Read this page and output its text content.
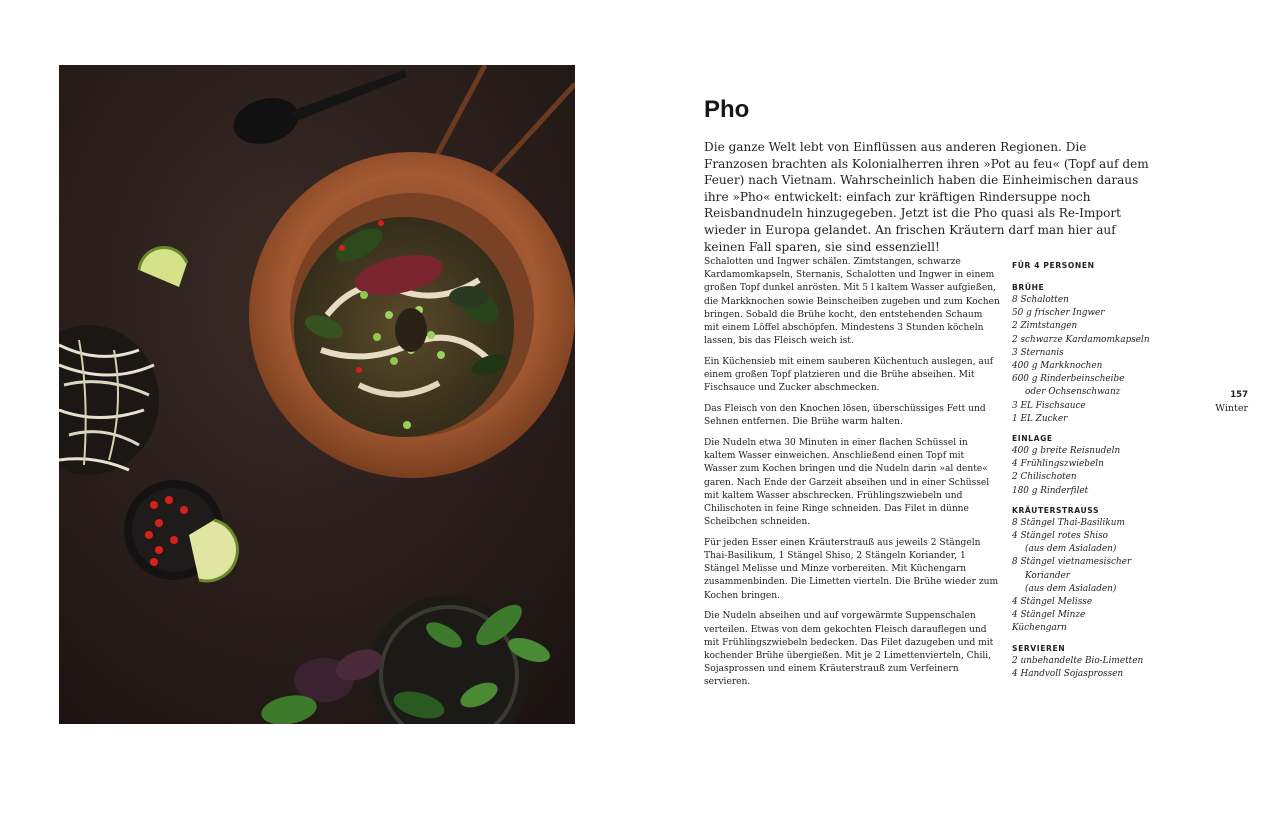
Pho

Die ganze Welt lebt von Einflüssen aus anderen Regionen. Die Franzosen brachten als Kolonialherren ihren »Pot au feu« (Topf auf dem Feuer) nach Vietnam. Wahrscheinlich haben die Einheimischen daraus ihre »Pho« entwickelt: einfach zur kräftigen Rindersuppe noch Reisbandnudeln hinzugegeben. Jetzt ist die Pho quasi als Re-Import wieder in Europa gelandet. An frischen Kräutern darf man hier auf keinen Fall sparen, sie sind essenziell!

Schalotten und Ingwer schälen. Zimtstangen, schwarze Kardamomkapseln, Sternanis, Schalotten und Ingwer in einem großen Topf dunkel anrösten. Mit 5 l kaltem Wasser aufgießen, die Markknochen sowie Beinscheiben zugeben und zum Kochen bringen. Sobald die Brühe kocht, den entstehenden Schaum mit einem Löffel abschöpfen. Mindestens 3 Stunden köcheln lassen, bis das Fleisch weich ist.

Ein Küchensieb mit einem sauberen Küchentuch auslegen, auf einem großen Topf platzieren und die Brühe abseihen. Mit Fischsauce und Zucker abschmecken.

Das Fleisch von den Knochen lösen, überschüssiges Fett und Sehnen entfernen. Die Brühe warm halten.

Die Nudeln etwa 30 Minuten in einer flachen Schüssel in kaltem Wasser einweichen. Anschließend einen Topf mit Wasser zum Kochen bringen und die Nudeln darin »al dente« garen. Nach Ende der Garzeit abseihen und in einer Schüssel mit kaltem Wasser abschrecken. Frühlingszwiebeln und Chilischoten in feine Ringe schneiden. Das Filet in dünne Scheibchen schneiden.

Für jeden Esser einen Kräuterstrauß aus jeweils 2 Stängeln Thai-Basilikum, 1 Stängel Shiso, 2 Stängeln Koriander, 1 Stängel Melisse und Minze vorbereiten. Mit Küchengarn zusammenbinden. Die Limetten vierteln. Die Brühe wieder zum Kochen bringen.

Die Nudeln abseihen und auf vorgewärmte Suppenschalen verteilen. Etwas von dem gekochten Fleisch darauflegen und mit Frühlingszwiebeln bedecken. Das Filet dazugeben und mit kochender Brühe übergießen. Mit je 2 Limettenvierteln, Chili, Sojasprossen und einem Kräuterstrauß zum Verfeinern servieren.

FÜR 4 PERSONEN
BRÜHE
8 Schalotten
50 g frischer Ingwer
2 Zimtstangen
2 schwarze Kardamomkapseln
3 Sternanis
400 g Markknochen
600 g Rinderbeinscheibe
oder Ochsenschwanz
3 EL Fischsauce
1 EL Zucker
EINLAGE
400 g breite Reisnudeln
4 Frühlingszwiebeln
2 Chilischoten
180 g Rinderfilet
KRÄUTERSTRAUSS
8 Stängel Thai-Basilikum
4 Stängel rotes Shiso
(aus dem Asialaden)
8 Stängel vietnamesischer
Koriander
(aus dem Asialaden)
4 Stängel Melisse
4 Stängel Minze
Küchengarn
SERVIEREN
2 unbehandelte Bio-Limetten
4 Handvoll Sojasprossen
157
Winter
